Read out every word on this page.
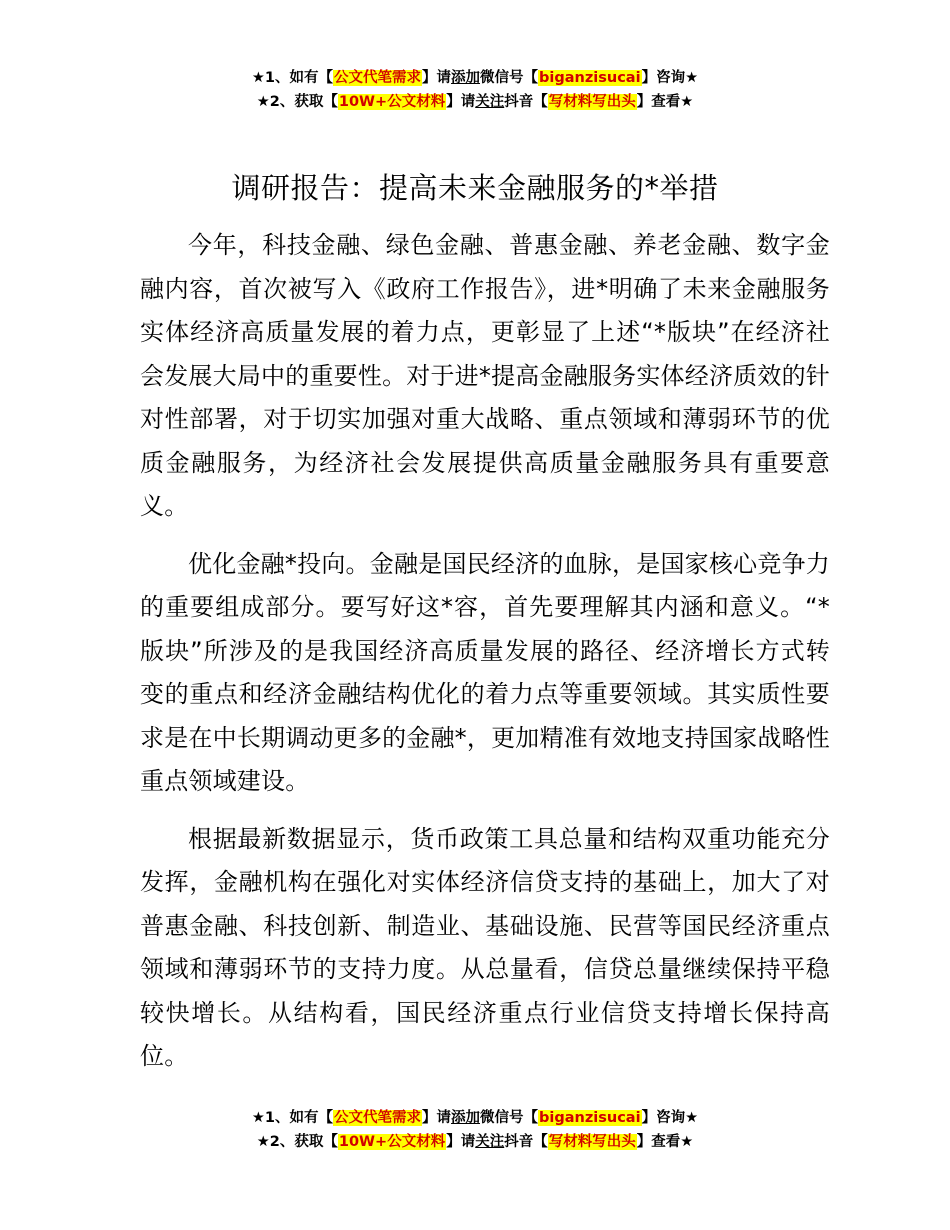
★1、如有【公文代笔需求】请添加微信号【biganzisucai】咨询★
★2、获取【10W+公文材料】请关注抖音【写材料写出头】查看★
调研报告：提高未来金融服务的*举措

今年，科技金融、绿色金融、普惠金融、养老金融、数字金融内容，首次被写入《政府工作报告》，进*明确了未来金融服务实体经济高质量发展的着力点，更彰显了上述“*版块”在经济社会发展大局中的重要性。对于进*提高金融服务实体经济质效的针对性部署，对于切实加强对重大战略、重点领域和薄弱环节的优质金融服务，为经济社会发展提供高质量金融服务具有重要意义。

优化金融*投向。金融是国民经济的血脉，是国家核心竞争力的重要组成部分。要写好这*容，首先要理解其内涵和意义。“*版块”所涉及的是我国经济高质量发展的路径、经济增长方式转变的重点和经济金融结构优化的着力点等重要领域。其实质性要求是在中长期调动更多的金融*，更加精准有效地支持国家战略性重点领域建设。

根据最新数据显示，货币政策工具总量和结构双重功能充分发挥，金融机构在强化对实体经济信贷支持的基础上，加大了对普惠金融、科技创新、制造业、基础设施、民营等国民经济重点领域和薄弱环节的支持力度。从总量看，信贷总量继续保持平稳较快增长。从结构看，国民经济重点行业信贷支持增长保持高位。

★1、如有【公文代笔需求】请添加微信号【biganzisucai】咨询★
★2、获取【10W+公文材料】请关注抖音【写材料写出头】查看★
